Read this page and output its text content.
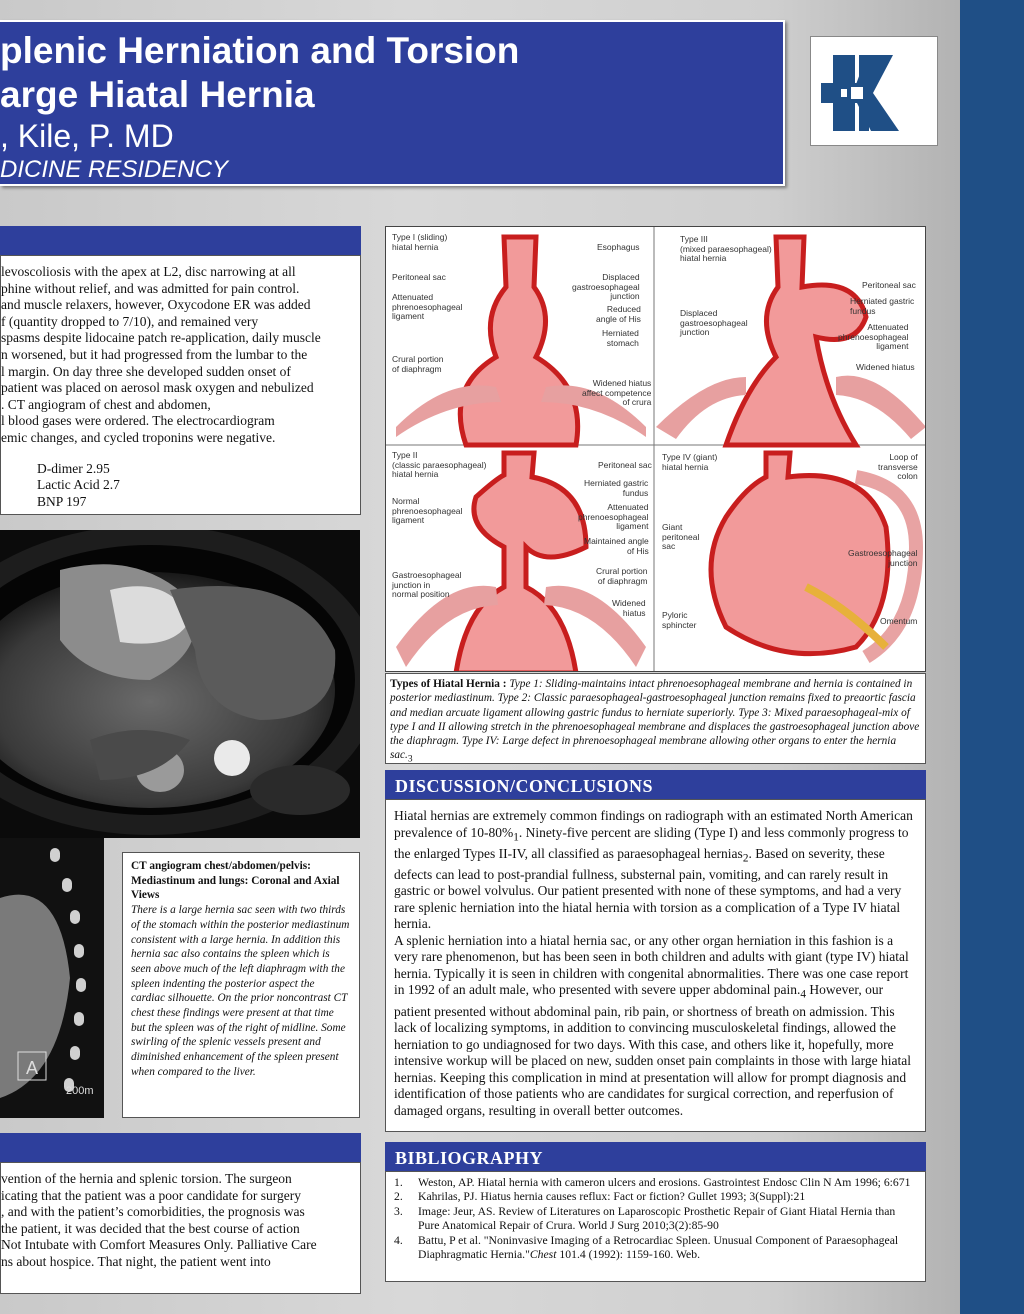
plenic Herniation and Torsion
arge Hiatal Hernia
, Kile, P. MD
DICINE RESIDENCY

levoscoliosis with the apex at L2, disc narrowing at all

phine without relief, and was admitted for pain control.

and muscle relaxers, however, Oxycodone ER was added

f (quantity dropped to 7/10), and remained very

spasms despite lidocaine patch re-application, daily muscle

n worsened, but it had progressed from the lumbar to the

l margin. On day three she developed sudden onset of

patient was placed on aerosol mask oxygen and nebulized

. CT angiogram of chest and abdomen,

l blood gases were ordered. The electrocardiogram

emic changes, and cycled troponins were negative.

D-dimer 2.95

Lactic Acid 2.7

BNP 197

A
200m
CT angiogram chest/abdomen/pelvis: Mediastinum and lungs: Coronal and Axial Views
There is a large hernia sac seen with two thirds of the stomach within the posterior mediastinum consistent with a large hernia. In addition this hernia sac also contains the spleen which is seen above much of the left diaphragm with the spleen indenting the posterior aspect the cardiac silhouette. On the prior noncontrast CT chest these findings were present at that time but the spleen was of the right of midline. Some swirling of the splenic vessels present and diminished enhancement of the spleen present when compared to the liver.

vention of the hernia and splenic torsion. The surgeon

icating that the patient was a poor candidate for surgery

, and with the patient’s comorbidities, the prognosis was

the patient, it was decided that the best course of action

Not Intubate with Comfort Measures Only. Palliative Care

ns about hospice. That night, the patient went into

Type I (sliding)
hiatal hernia	Esophagus
Peritoneal sac	Displaced
gastroesophageal
junction
Attenuated
phrenoesophageal
ligament
Reduced
angle of His
Herniated
stomach
Crural portion
of diaphragm
Widened hiatus
affect competence
of crura
Type III
(mixed paraesophageal)
hiatal hernia
Peritoneal sac
Herniated gastric
fundus
Displaced
gastroesophageal
junction
Attenuated
phrenoesophageal
ligament
Widened hiatus
Type II
(classic paraesophageal)
hiatal hernia
Peritoneal sac
Herniated gastric
fundus
Normal
phrenoesophageal
ligament
Attenuated
phrenoesophageal
ligament
Maintained angle
of His
Crural portion
of diaphragm
Gastroesophageal
junction in
normal position
Widened
hiatus
Type IV (giant)
hiatal hernia
Loop of
transverse
colon
Giant
peritoneal
sac
Gastroesophageal
junction
Pyloric
sphincter	Omentum
Types of Hiatal Hernia : Type 1: Sliding-maintains intact phrenoesophageal membrane and hernia is contained in posterior mediastinum. Type 2: Classic paraesophageal-gastroesophageal junction remains fixed to preaortic fascia and median arcuate ligament allowing gastric fundus to herniate superiorly. Type 3: Mixed paraesophageal-mix of type I and II allowing stretch in the phrenoesophageal membrane and displaces the gastroesophageal junction above the diaphragm. Type IV: Large defect in phrenoesophageal membrane allowing other organs to enter the hernia $sac._3$
DISCUSSION/CONCLUSIONS

Hiatal hernias are extremely common findings on radiograph with an estimated North American prevalence of $10-80\%_1$. Ninety-five percent are sliding (Type I) and less commonly progress to the enlarged Types II-IV, all classified as paraesophageal hernias$_2$. Based on severity, these defects can lead to post-prandial fullness, substernal pain, vomiting, and can rarely result in gastric or bowel volvulus. Our patient presented with none of these symptoms, and had a very rare splenic herniation into the hiatal hernia with torsion as a complication of a Type IV hiatal hernia.

A splenic herniation into a hiatal hernia sac, or any other organ herniation in this fashion is a very rare phenomenon, but has been seen in both children and adults with giant (type IV) hiatal hernia. Typically it is seen in children with congenital abnormalities. There was one case report in 1992 of an adult male, who presented with severe upper abdominal $pain._4$ However, our patient presented without abdominal pain, rib pain, or shortness of breath on admission. This lack of localizing symptoms, in addition to convincing musculoskeletal findings, allowed the herniation to go undiagnosed for two days. With this case, and others like it, hopefully, more intensive workup will be placed on new, sudden onset pain complaints in those with large hiatal hernias. Keeping this complication in mind at presentation will allow for prompt diagnosis and identification of those patients who are candidates for surgical correction, and reperfusion of damaged organs, resulting in overall better outcomes.

BIBLIOGRAPHY
1.	Weston, AP. Hiatal hernia with cameron ulcers and erosions. Gastrointest Endosc Clin N Am 1996; 6:671
2.	Kahrilas, PJ. Hiatus hernia causes reflux: Fact or fiction? Gullet 1993; 3(Suppl):21
3.	Image: Jeur, AS. Review of Literatures on Laparoscopic Prosthetic Repair of Giant Hiatal Hernia than Pure Anatomical Repair of Crura. World J Surg 2010;3(2):85-90
4.	Battu, P et al. "Noninvasive Imaging of a Retrocardiac Spleen. Unusual Component of Paraesophageal Diaphragmatic Hernia."Chest 101.4 (1992): 1159-160. Web.
